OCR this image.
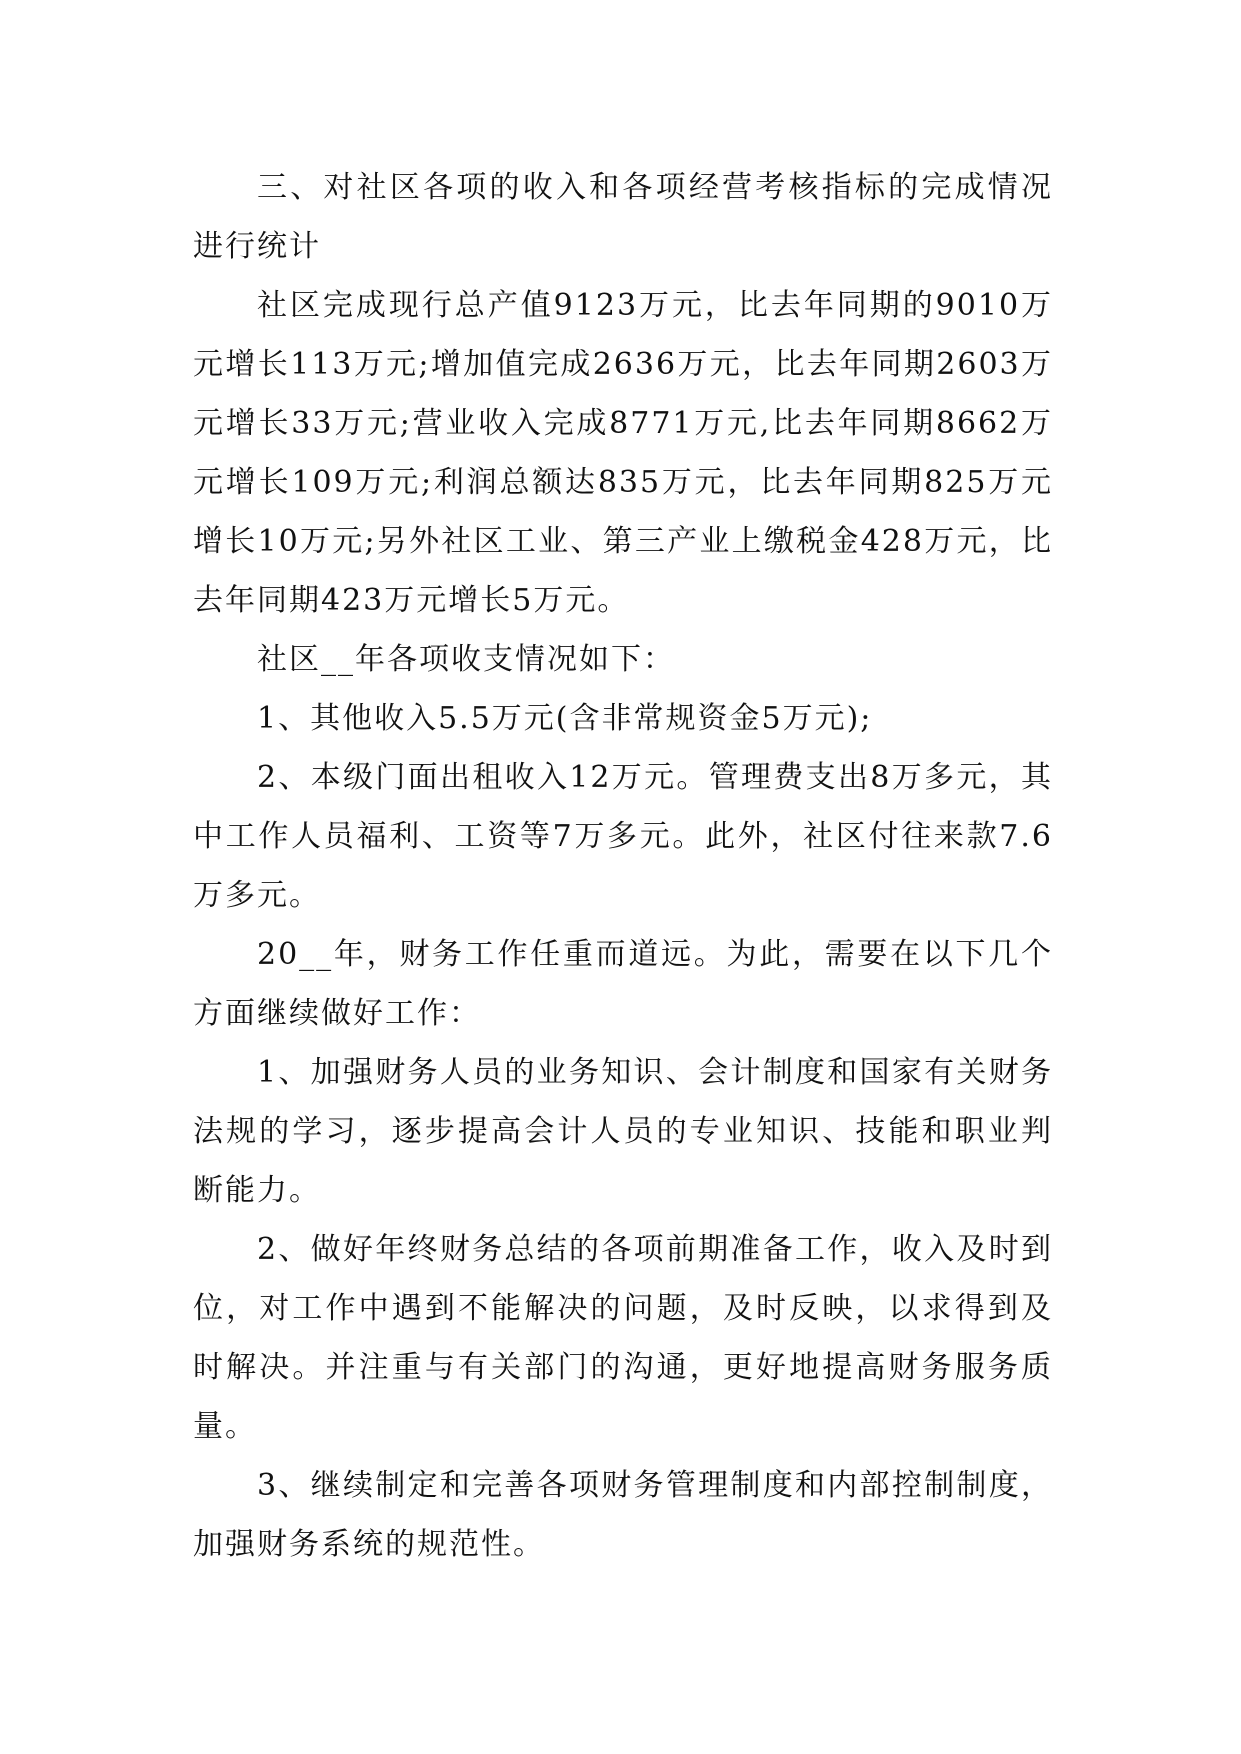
三、对社区各项的收入和各项经营考核指标的完成情况进行统计

社区完成现行总产值9123万元，比去年同期的9010万元增长113万元;增加值完成2636万元，比去年同期2603万元增长33万元;营业收入完成8771万元,比去年同期8662万元增长109万元;利润总额达835万元，比去年同期825万元增长10万元;另外社区工业、第三产业上缴税金428万元，比去年同期423万元增长5万元。

社区__年各项收支情况如下：

1、其他收入5.5万元(含非常规资金5万元);

2、本级门面出租收入12万元。管理费支出8万多元，其中工作人员福利、工资等7万多元。此外，社区付往来款7.6万多元。

20__年，财务工作任重而道远。为此，需要在以下几个方面继续做好工作：

1、加强财务人员的业务知识、会计制度和国家有关财务法规的学习，逐步提高会计人员的专业知识、技能和职业判断能力。

2、做好年终财务总结的各项前期准备工作，收入及时到位，对工作中遇到不能解决的问题，及时反映，以求得到及时解决。并注重与有关部门的沟通，更好地提高财务服务质量。

3、继续制定和完善各项财务管理制度和内部控制制度，加强财务系统的规范性。
